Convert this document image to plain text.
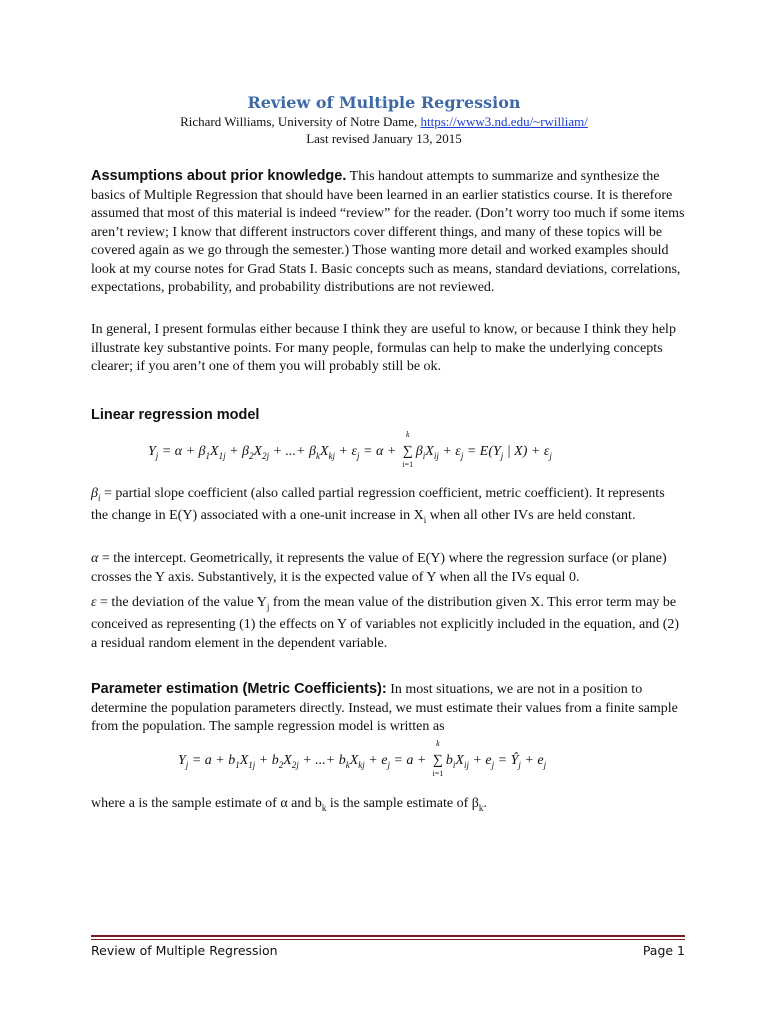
Review of Multiple Regression
Richard Williams, University of Notre Dame, https://www3.nd.edu/~rwilliam/
Last revised January 13, 2015
Assumptions about prior knowledge. This handout attempts to summarize and synthesize the basics of Multiple Regression that should have been learned in an earlier statistics course. It is therefore assumed that most of this material is indeed “review” for the reader. (Don’t worry too much if some items aren’t review; I know that different instructors cover different things, and many of these topics will be covered again as we go through the semester.) Those wanting more detail and worked examples should look at my course notes for Grad Stats I. Basic concepts such as means, standard deviations, correlations, expectations, probability, and probability distributions are not reviewed.
In general, I present formulas either because I think they are useful to know, or because I think they help illustrate key substantive points. For many people, formulas can help to make the underlying concepts clearer; if you aren’t one of them you will probably still be ok.
Linear regression model
$Y_j = \alpha + \beta_1X_{1j} + \beta_2X_{2j}$ + ...+ $\beta_kX_{kj} + \varepsilon_j = \alpha$ +
k
∑
i=1
$\beta_iX_{ij} + \varepsilon_j = E(Y_j$ | $X) + \varepsilon_j$
$\beta_i$ = partial slope coefficient (also called partial regression coefficient, metric coefficient). It represents the change in E(Y) associated with a one-unit increase in $X_i$ when all other IVs are held constant.
α = the intercept. Geometrically, it represents the value of E(Y) where the regression surface (or plane) crosses the Y axis. Substantively, it is the expected value of Y when all the IVs equal 0.
ε = the deviation of the value $Y_j$ from the mean value of the distribution given X. This error term may be conceived as representing (1) the effects on Y of variables not explicitly included in the equation, and (2) a residual random element in the dependent variable.
Parameter estimation (Metric Coefficients): In most situations, we are not in a position to determine the population parameters directly. Instead, we must estimate their values from a finite sample from the population. The sample regression model is written as
$Y_j = a + b_1X_{1j} + b_2X_{2j}$ + ...+ $b_kX_{kj} + e_j = a$ +
k
∑
i=1
$b_iX_{ij} + e_j$ = $Ŷ_j + e_j$
where a is the sample estimate of α and $b_k$ is the sample estimate of $\beta_k$.
Review of Multiple Regression	Page 1
